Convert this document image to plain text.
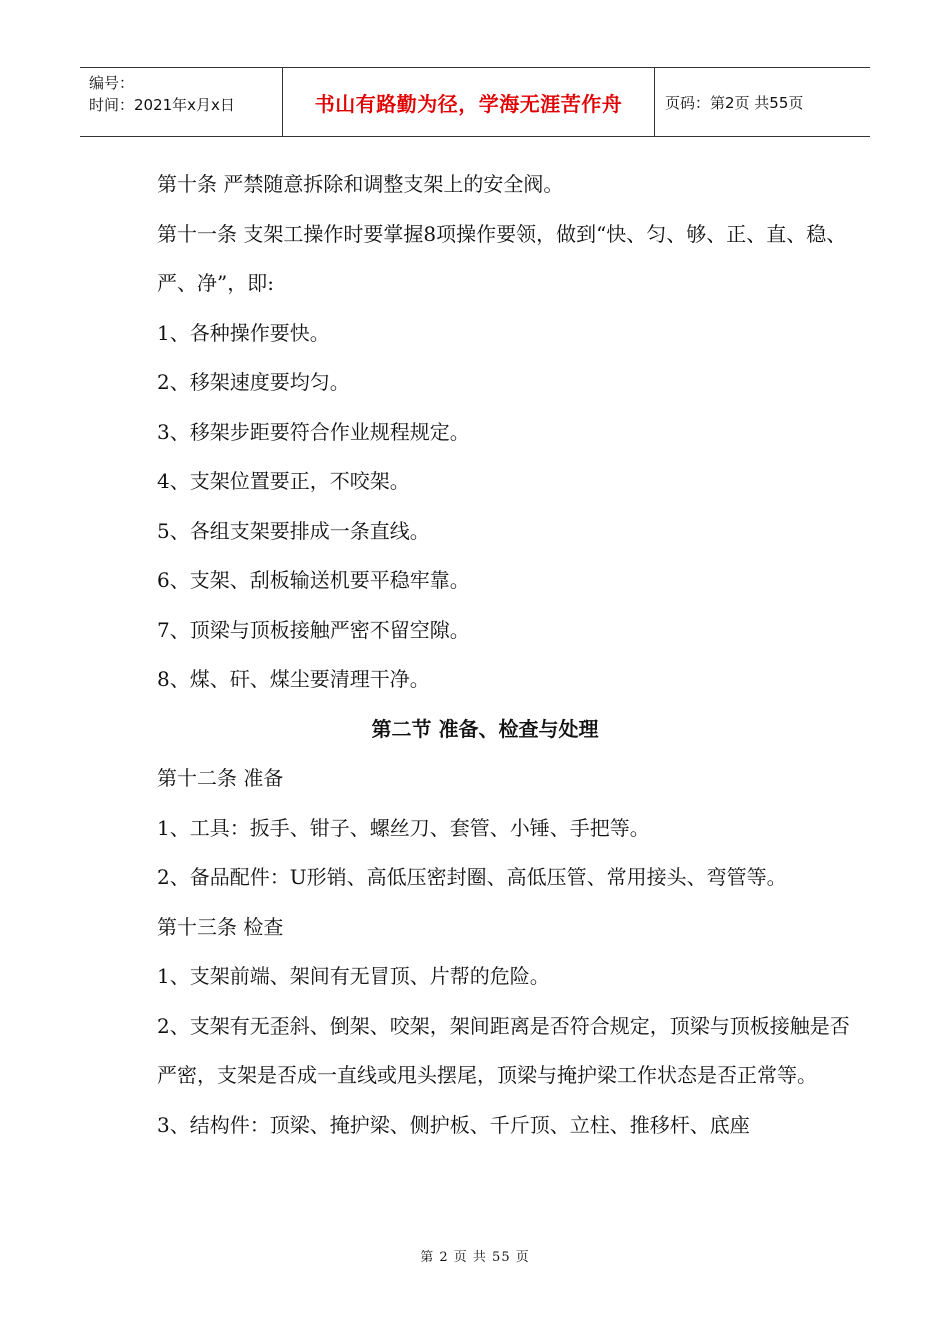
编号：
时间：2021年x月x日	书山有路勤为径，学海无涯苦作舟	页码：第2页 共55页

第十条 严禁随意拆除和调整支架上的安全阀。

第十一条 支架工操作时要掌握8项操作要领，做到“快、匀、够、正、直、稳、严、净”，即:

1、各种操作要快。

2、移架速度要均匀。

3、移架步距要符合作业规程规定。

4、支架位置要正，不咬架。

5、各组支架要排成一条直线。

6、支架、刮板输送机要平稳牢靠。

7、顶梁与顶板接触严密不留空隙。

8、煤、矸、煤尘要清理干净。

第二节 准备、检查与处理

第十二条 准备

1、工具：扳手、钳子、螺丝刀、套管、小锤、手把等。

2、备品配件：U形销、高低压密封圈、高低压管、常用接头、弯管等。

第十三条 检查

1、支架前端、架间有无冒顶、片帮的危险。

2、支架有无歪斜、倒架、咬架，架间距离是否符合规定，顶梁与顶板接触是否严密，支架是否成一直线或甩头摆尾，顶梁与掩护梁工作状态是否正常等。

3、结构件：顶梁、掩护梁、侧护板、千斤顶、立柱、推移杆、底座

第 2 页 共 55 页
